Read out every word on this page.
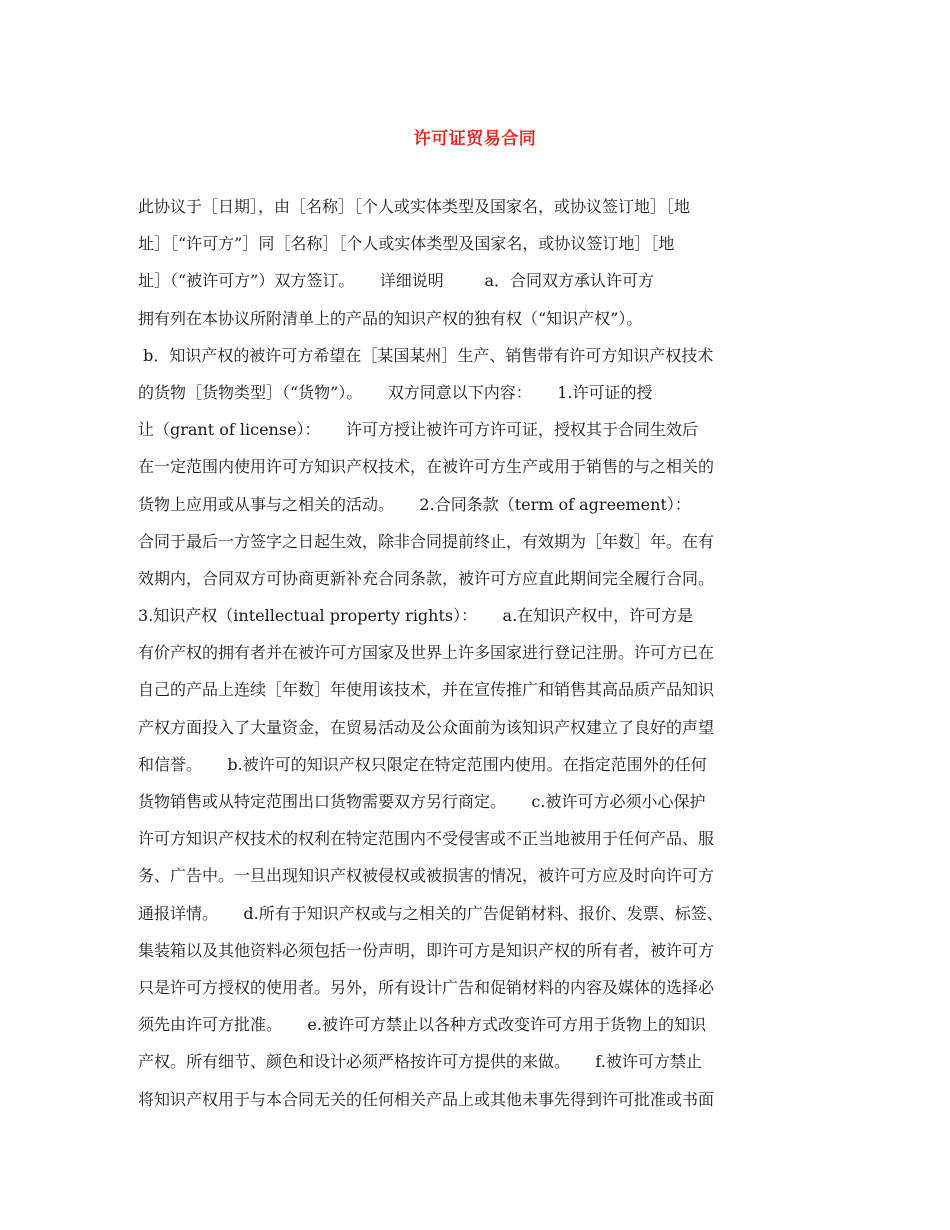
许可证贸易合同
此协议于［日期］，由［名称］［个人或实体类型及国家名，或协议签订地］［地
址］［“许可方”］同［名称］［个人或实体类型及国家名，或协议签订地］［地
址］（“被许可方”）双方签订。     详细说明        a．合同双方承认许可方
拥有列在本协议所附清单上的产品的知识产权的独有权（“知识产权”）。
b．知识产权的被许可方希望在［某国某州］生产、销售带有许可方知识产权技术
的货物［货物类型］（“货物”）。     双方同意以下内容：     1.许可证的授
让（grant of license）：     许可方授让被许可方许可证，授权其于合同生效后
在一定范围内使用许可方知识产权技术，在被许可方生产或用于销售的与之相关的
货物上应用或从事与之相关的活动。     2.合同条款（term of agreement）：
合同于最后一方签字之日起生效，除非合同提前终止，有效期为［年数］年。在有
效期内，合同双方可协商更新补充合同条款，被许可方应直此期间完全履行合同。
3.知识产权（intellectual property rights）：     a.在知识产权中，许可方是
有价产权的拥有者并在被许可方国家及世界上许多国家进行登记注册。许可方已在
自己的产品上连续［年数］年使用该技术，并在宣传推广和销售其高品质产品知识
产权方面投入了大量资金，在贸易活动及公众面前为该知识产权建立了良好的声望
和信誉。     b.被许可的知识产权只限定在特定范围内使用。在指定范围外的任何
货物销售或从特定范围出口货物需要双方另行商定。     c.被许可方必须小心保护
许可方知识产权技术的权利在特定范围内不受侵害或不正当地被用于任何产品、服
务、广告中。一旦出现知识产权被侵权或被损害的情况，被许可方应及时向许可方
通报详情。     d.所有于知识产权或与之相关的广告促销材料、报价、发票、标签、
集装箱以及其他资料必须包括一份声明，即许可方是知识产权的所有者，被许可方
只是许可方授权的使用者。另外，所有设计广告和促销材料的内容及媒体的选择必
须先由许可方批准。     e.被许可方禁止以各种方式改变许可方用于货物上的知识
产权。所有细节、颜色和设计必须严格按许可方提供的来做。     f.被许可方禁止
将知识产权用于与本合同无关的任何相关产品上或其他未事先得到许可批准或书面
